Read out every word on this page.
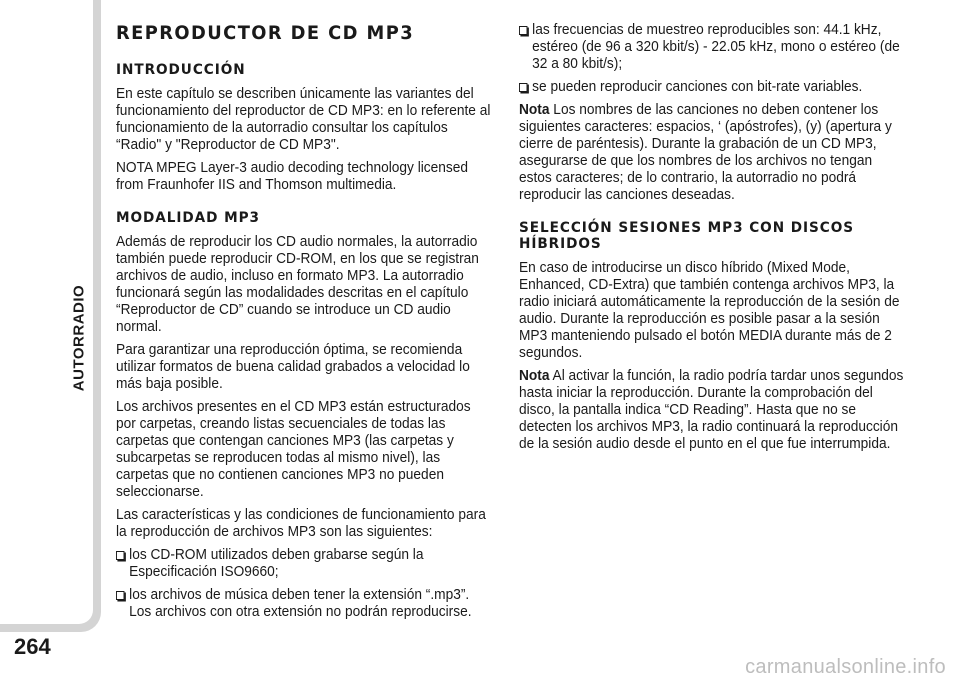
AUTORRADIO
264
REPRODUCTOR DE CD MP3
INTRODUCCIÓN

En este capítulo se describen únicamente las variantes del funcionamiento del reproductor de CD MP3: en lo referente al funcionamiento de la autorradio consultar los capítulos “Radio" y "Reproductor de CD MP3".

NOTA MPEG Layer-3 audio decoding technology licensed from Fraunhofer IIS and Thomson multimedia.

MODALIDAD MP3

Además de reproducir los CD audio normales, la autorradio también puede reproducir CD-ROM, en los que se registran archivos de audio, incluso en formato MP3. La autorradio funcionará según las modalidades descritas en el capítulo “Reproductor de CD” cuando se introduce un CD audio normal.

Para garantizar una reproducción óptima, se recomienda utilizar formatos de buena calidad grabados a velocidad lo más baja posible.

Los archivos presentes en el CD MP3 están estructurados por carpetas, creando listas secuenciales de todas las carpetas que contengan canciones MP3 (las carpetas y subcarpetas se reproducen todas al mismo nivel), las carpetas que no contienen canciones MP3 no pueden seleccionarse.

Las características y las condiciones de funcionamiento para la reproducción de archivos MP3 son las siguientes:

los CD-ROM utilizados deben grabarse según la Especificación ISO9660;
los archivos de música deben tener la extensión “.mp3”. Los archivos con otra extensión no podrán reproducirse.
las frecuencias de muestreo reproducibles son: 44.1 kHz, estéreo (de 96 a 320 kbit/s) - 22.05 kHz, mono o estéreo (de 32 a 80 kbit/s);
se pueden reproducir canciones con bit-rate variables.

Nota Los nombres de las canciones no deben contener los siguientes caracteres: espacios, ‘ (apóstrofes), (y) (apertura y cierre de paréntesis). Durante la grabación de un CD MP3, asegurarse de que los nombres de los archivos no tengan estos caracteres; de lo contrario, la autorradio no podrá reproducir las canciones deseadas.

SELECCIÓN SESIONES MP3 CON DISCOS HÍBRIDOS

En caso de introducirse un disco híbrido (Mixed Mode, Enhanced, CD-Extra) que también contenga archivos MP3, la radio iniciará automáticamente la reproducción de la sesión de audio. Durante la reproducción es posible pasar a la sesión MP3 manteniendo pulsado el botón MEDIA durante más de 2 segundos.

Nota Al activar la función, la radio podría tardar unos segundos hasta iniciar la reproducción. Durante la comprobación del disco, la pantalla indica “CD Reading”. Hasta que no se detecten los archivos MP3, la radio continuará la reproducción de la sesión audio desde el punto en el que fue interrumpida.

carmanualsonline.info
